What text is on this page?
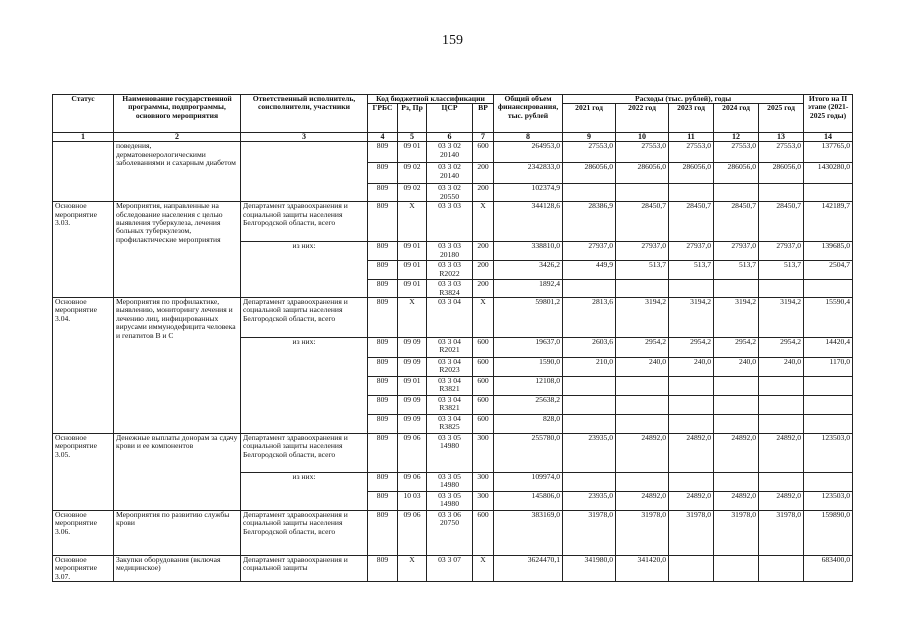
159
Статус	Наименование государственной программы, подпрограммы, основного мероприятия	Ответственный исполнитель, соисполнители, участники	Код бюджетной классификации				Общий объем финансирования, тыс. рублей	Расходы (тыс. рублей), годы					Итого на II этапе (2021-2025 годы)
			ГРБС	Рз, Пр	ЦСР	ВР		2021 год	2022 год	2023 год	2024 год	2025 год	
1	2	3	4	5	6	7	8	9	10	11	12	13	14
	поведения, дерматовенерологическими заболеваниями и сахарным диабетом		809	09 01	03 3 02 20140	600	264953,0	27553,0	27553,0	27553,0	27553,0	27553,0	137765,0
			809	09 02	03 3 02 20140	200	2342833,0	286056,0	286056,0	286056,0	286056,0	286056,0	1430280,0
			809	09 02	03 3 02 20550	200	102374,9						
Основное мероприятие 3.03.	Мероприятия, направленные на обследование населения с целью выявления туберкулеза, лечения больных туберкулезом, профилактические мероприятия	Департамент здравоохранения и социальной защиты населения Белгородской области, всего	809	X	03 3 03	X	344128,6	28386,9	28450,7	28450,7	28450,7	28450,7	142189,7
		из них:	809	09 01	03 3 03 20180	200	338810,0	27937,0	27937,0	27937,0	27937,0	27937,0	139685,0
			809	09 01	03 3 03 R2022	200	3426,2	449,9	513,7	513,7	513,7	513,7	2504,7
			809	09 01	03 3 03 R3824	200	1892,4						
Основное мероприятие 3.04.	Мероприятия по профилактике, выявлению, мониторингу лечения и лечению лиц, инфицированных вирусами иммунодефицита человека и гепатитов В и С	Департамент здравоохранения и социальной защиты населения Белгородской области, всего	809	X	03 3 04	X	59801,2	2813,6	3194,2	3194,2	3194,2	3194,2	15590,4
		из них:	809	09 09	03 3 04 R2021	600	19637,0	2603,6	2954,2	2954,2	2954,2	2954,2	14420,4
			809	09 09	03 3 04 R2023	600	1590,0	210,0	240,0	240,0	240,0	240,0	1170,0
			809	09 01	03 3 04 R3821	600	12108,0						
			809	09 09	03 3 04 R3821	600	25638,2						
			809	09 09	03 3 04 R3825	600	828,0						
Основное мероприятие 3.05.	Денежные выплаты донорам за сдачу крови и ее компонентов	Департамент здравоохранения и социальной защиты населения Белгородской области, всего	809	09 06	03 3 05 14980	300	255780,0	23935,0	24892,0	24892,0	24892,0	24892,0	123503,0
		из них:	809	09 06	03 3 05 14980	300	109974,0						
			809	10 03	03 3 05 14980	300	145806,0	23935,0	24892,0	24892,0	24892,0	24892,0	123503,0
Основное мероприятие 3.06.	Мероприятия по развитию службы крови	Департамент здравоохранения и социальной защиты населения Белгородской области, всего	809	09 06	03 3 06 20750	600	383169,0	31978,0	31978,0	31978,0	31978,0	31978,0	159890,0
Основное мероприятие 3.07.	Закупки оборудования (включая медицинское)	Департамент здравоохранения и социальной защиты	809	X	03 3 07	X	3624470,1	341980,0	341420,0				683400,0
